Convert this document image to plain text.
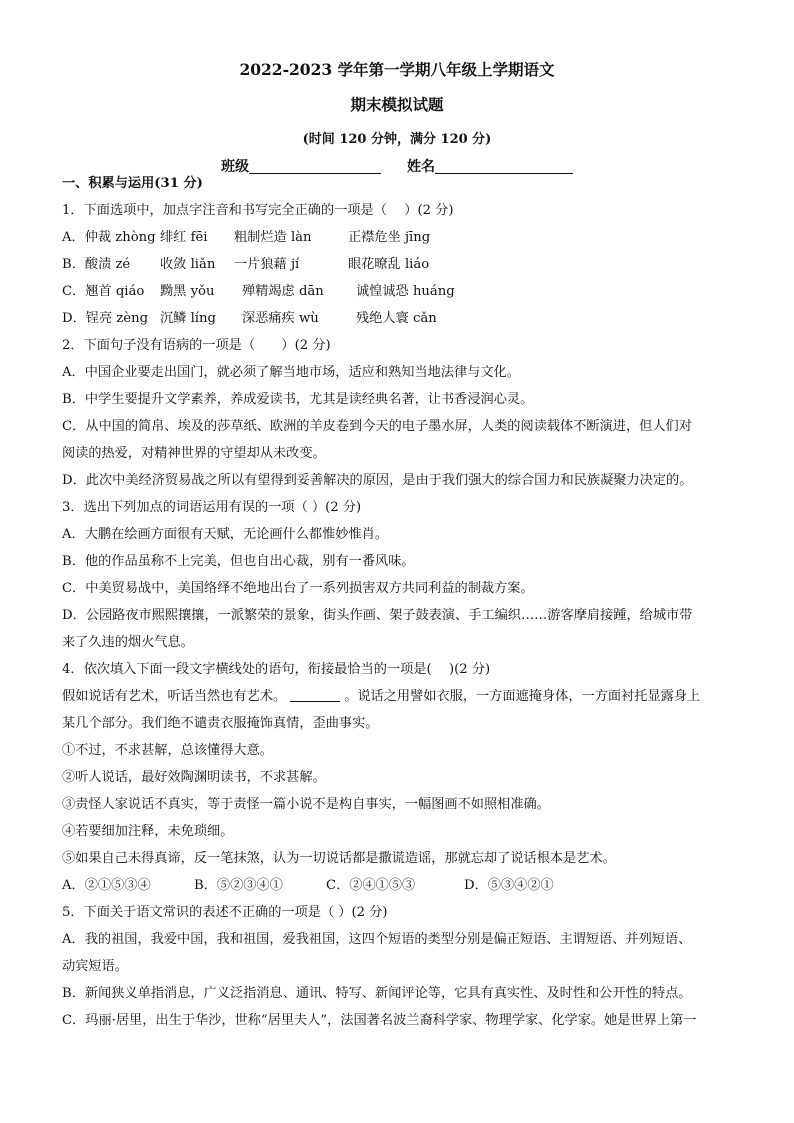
2022-2023 学年第一学期八年级上学期语文
期末模拟试题
(时间 120 分钟，满分 120 分)
班级	姓名
一、积累与运用(31 分)
1．下面选项中，加点字注音和书写完全正确的一项是（　 ）(2 分)
A．仲裁 zhòng 绯红 fēi 粗制烂造 làn	正襟危坐 jīng
B．酸渍 zé 收敛 liǎn 一片狼藉 jí	眼花暸乱 liáo
C．翘首 qiáo 黝黑 yǒu 殚精竭虑 dān 诚惶诚恐 huáng
D．锃亮 zèng 沉鳞 líng 深恶痛疾 wù	残绝人寰 cǎn
2．下面句子没有语病的一项是（　　）(2 分)
A．中国企业要走出国门，就必须了解当地市场，适应和熟知当地法律与文化。
B．中学生要提升文学素养，养成爱读书，尤其是读经典名著，让书香浸润心灵。
C．从中国的简帛、埃及的莎草纸、欧洲的羊皮卷到今天的电子墨水屏，人类的阅读载体不断演进，但人们对
阅读的热爱，对精神世界的守望却从未改变。
D．此次中美经济贸易战之所以有望得到妥善解决的原因，是由于我们强大的综合国力和民族凝聚力决定的。
3．选出下列加点的词语运用有误的一项（ ）(2 分)
A．大鹏在绘画方面很有天赋，无论画什么都惟妙惟肖。
B．他的作品虽称不上完美，但也自出心裁，别有一番风味。
C．中美贸易战中，美国络绎不绝地出台了一系列损害双方共同利益的制裁方案。
D．公园路夜市熙熙攘攘，一派繁荣的景象，街头作画、架子鼓表演、手工编织……游客摩肩接踵，给城市带
来了久违的烟火气息。
4．依次填入下面一段文字横线处的语句，衔接最恰当的一项是(　 )(2 分)
假如说话有艺术，听话当然也有艺术。	。说话之用譬如衣服，一方面遮掩身体，一方面衬托显露身上
某几个部分。我们绝不谴责衣服掩饰真情，歪曲事实。
①不过，不求甚解，总该懂得大意。
②听人说话，最好效陶渊明读书，不求甚解。
③责怪人家说话不真实，等于责怪一篇小说不是构自事实，一幅图画不如照相准确。
④若要细加注释，未免琐细。
⑤如果自己未得真谛，反一笔抹煞，认为一切说话都是撒谎造谣，那就忘却了说话根本是艺术。
A．②①⑤③④	B．⑤②③④①	C．②④①⑤③	D．⑤③④②①
5．下面关于语文常识的表述不正确的一项是（ ）(2 分)
A．我的祖国，我爱中国，我和祖国，爱我祖国，这四个短语的类型分别是偏正短语、主谓短语、并列短语、
动宾短语。
B．新闻狭义单指消息，广义泛指消息、通讯、特写、新闻评论等，它具有真实性、及时性和公开性的特点。
C．玛丽·居里，出生于华沙，世称“居里夫人”，法国著名波兰裔科学家、物理学家、化学家。她是世界上第一
